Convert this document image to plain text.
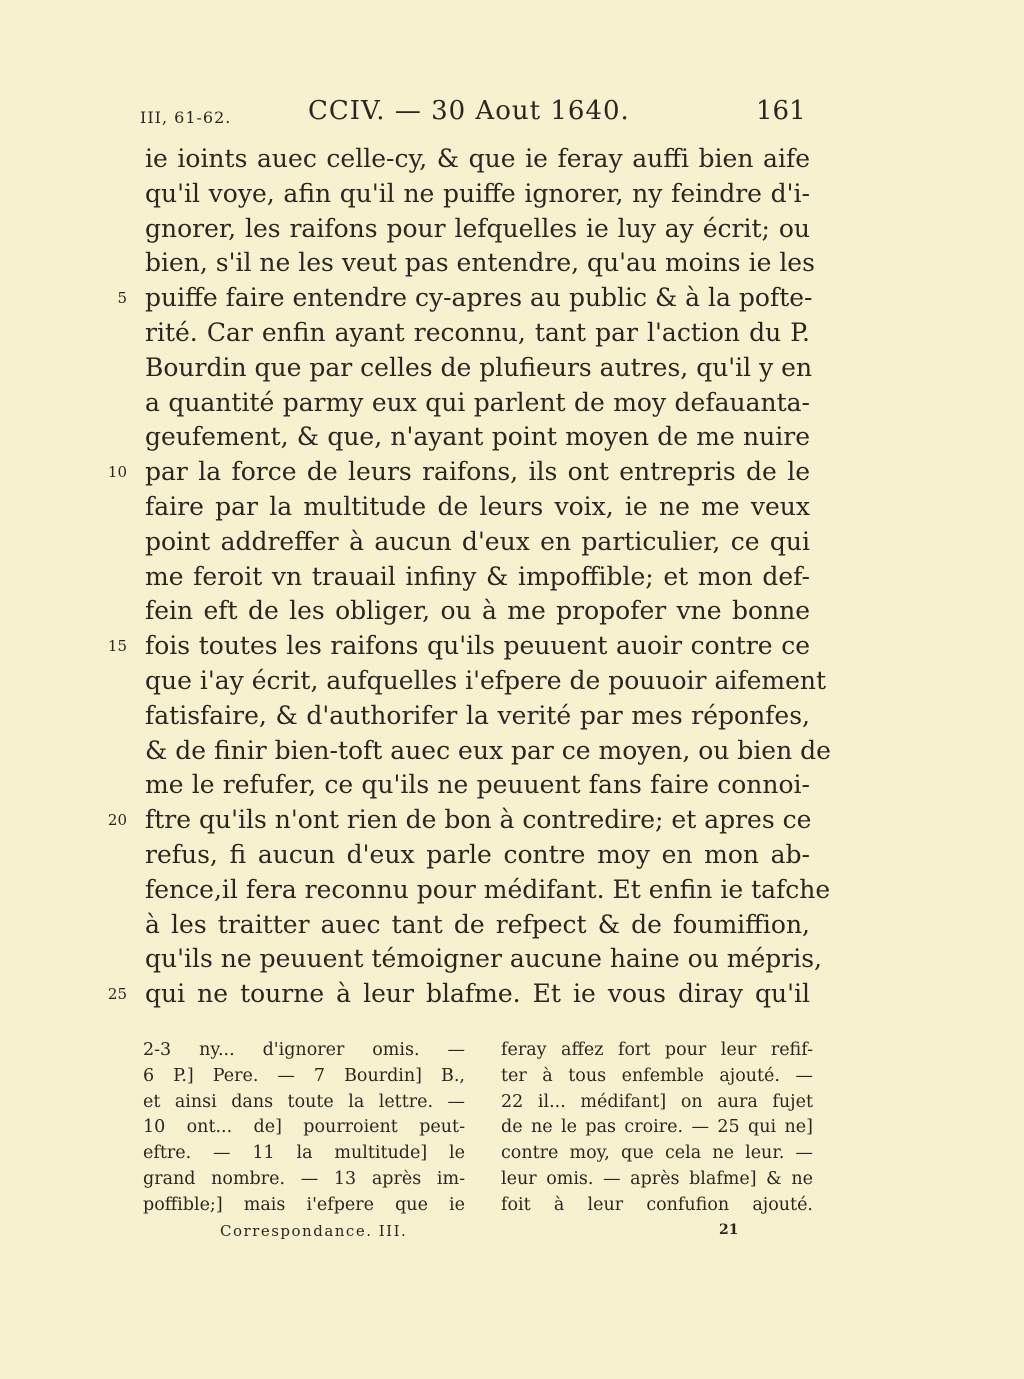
III, 61-62.	CCIV. — 30 Aout 1640.	161
ie ioints auec celle-cy, & que ie feray auffi bien aife
qu'il voye, afin qu'il ne puiffe ignorer, ny feindre d'i-
gnorer, les raifons pour lefquelles ie luy ay écrit; ou
bien, s'il ne les veut pas entendre, qu'au moins ie les
5 puiffe faire entendre cy-apres au public & à la pofte-
rité. Car enfin ayant reconnu, tant par l'action du P.
Bourdin que par celles de plufieurs autres, qu'il y en
a quantité parmy eux qui parlent de moy defauanta-
geufement, & que, n'ayant point moyen de me nuire
10 par la force de leurs raifons, ils ont entrepris de le
faire par la multitude de leurs voix, ie ne me veux
point addreffer à aucun d'eux en particulier, ce qui
me feroit vn trauail infiny & impoffible; et mon def-
fein eft de les obliger, ou à me propofer vne bonne
15 fois toutes les raifons qu'ils peuuent auoir contre ce
que i'ay écrit, aufquelles i'efpere de pouuoir aifement
fatisfaire, & d'authorifer la verité par mes réponfes,
& de finir bien-toft auec eux par ce moyen, ou bien de
me le refufer, ce qu'ils ne peuuent fans faire connoi-
20 ftre qu'ils n'ont rien de bon à contredire; et apres ce
refus, fi aucun d'eux parle contre moy en mon ab-
fence,il fera reconnu pour médifant. Et enfin ie tafche
à les traitter auec tant de refpect & de foumiffion,
qu'ils ne peuuent témoigner aucune haine ou mépris,
25 qui ne tourne à leur blafme. Et ie vous diray qu'il
2-3 ny... d'ignorer omis. —
6 P.] Pere. — 7 Bourdin] B.,
et ainsi dans toute la lettre. —
10 ont... de] pourroient peut-
eftre. — 11 la multitude] le
grand nombre. — 13 après im-
poffible;] mais i'efpere que ie
feray affez fort pour leur refif-
ter à tous enfemble ajouté. —
22 il... médifant] on aura fujet
de ne le pas croire. — 25 qui ne]
contre moy, que cela ne leur. —
leur omis. — après blafme] & ne
foit à leur confufion ajouté.
Correspondance. III.	21
